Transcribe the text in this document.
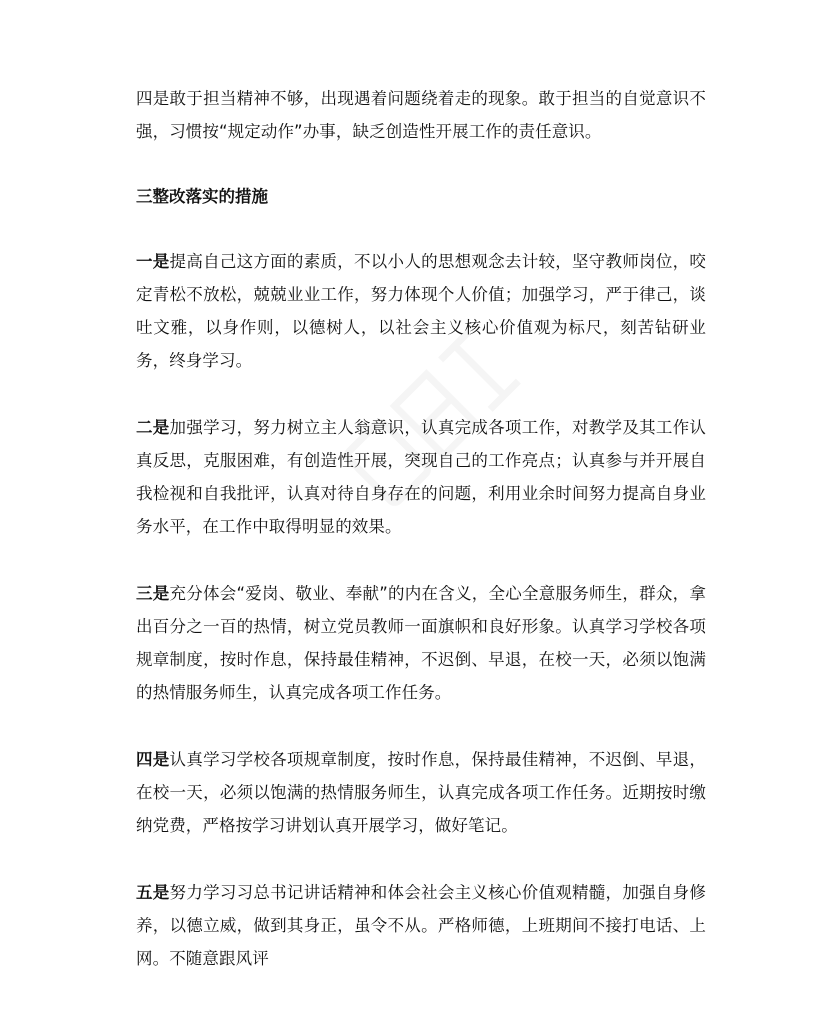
四是敢于担当精神不够，出现遇着问题绕着走的现象。敢于担当的自觉意识不强，习惯按“规定动作”办事，缺乏创造性开展工作的责任意识。

三整改落实的措施

一是提高自己这方面的素质，不以小人的思想观念去计较，坚守教师岗位，咬定青松不放松，兢兢业业工作，努力体现个人价值；加强学习，严于律己，谈吐文雅，以身作则，以德树人，以社会主义核心价值观为标尺，刻苦钻研业务，终身学习。

二是加强学习，努力树立主人翁意识，认真完成各项工作，对教学及其工作认真反思，克服困难，有创造性开展，突现自己的工作亮点；认真参与并开展自我检视和自我批评，认真对待自身存在的问题，利用业余时间努力提高自身业务水平，在工作中取得明显的效果。

三是充分体会“爱岗、敬业、奉献”的内在含义，全心全意服务师生，群众，拿出百分之一百的热情，树立党员教师一面旗帜和良好形象。认真学习学校各项规章制度，按时作息，保持最佳精神，不迟倒、早退，在校一天，必须以饱满的热情服务师生，认真完成各项工作任务。

四是认真学习学校各项规章制度，按时作息，保持最佳精神，不迟倒、早退，在校一天，必须以饱满的热情服务师生，认真完成各项工作任务。近期按时缴纳党费，严格按学习讲划认真开展学习，做好笔记。

五是努力学习习总书记讲话精神和体会社会主义核心价值观精髓，加强自身修养，以德立威，做到其身正，虽令不从。严格师德，上班期间不接打电话、上网。不随意跟风评
